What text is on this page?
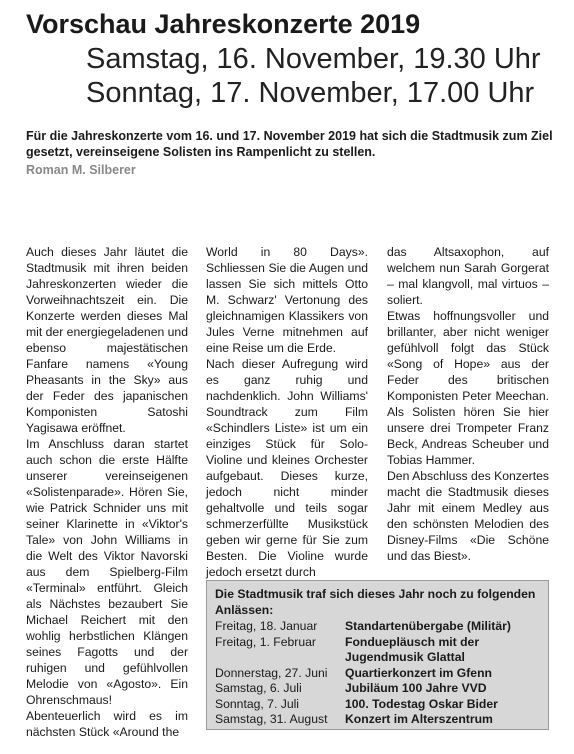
Vorschau Jahreskonzerte 2019
Samstag, 16. November, 19.30 Uhr
Sonntag, 17. November, 17.00 Uhr
Für die Jahreskonzerte vom 16. und 17. November 2019 hat sich die Stadtmusik zum Ziel gesetzt, vereinseigene Solisten ins Rampenlicht zu stellen.
Roman M. Silberer

Auch dieses Jahr läutet die Stadtmusik mit ihren beiden Jahreskonzerten wieder die Vorweihnachtszeit ein. Die Konzerte werden dieses Mal mit der energiegeladenen und ebenso majestätischen Fanfare namens «Young Pheasants in the Sky» aus der Feder des japanischen Komponisten Satoshi Yagisawa eröffnet.

Im Anschluss daran startet auch schon die erste Hälfte unserer vereinseigenen «Solistenparade». Hören Sie, wie Patrick Schnider uns mit seiner Klarinette in «Viktor's Tale» von John Williams in die Welt des Viktor Navorski aus dem Spielberg-Film «Terminal» entführt. Gleich als Nächstes bezaubert Sie Michael Reichert mit den wohlig herbstlichen Klängen seines Fagotts und der ruhigen und gefühlvollen Melodie von «Agosto». Ein Ohrenschmaus!

Abenteuerlich wird es im nächsten Stück «Around the

World in 80 Days». Schliessen Sie die Augen und lassen Sie sich mittels Otto M. Schwarz' Vertonung des gleichnamigen Klassikers von Jules Verne mitnehmen auf eine Reise um die Erde.

Nach dieser Aufregung wird es ganz ruhig und nachdenklich. John Williams' Soundtrack zum Film «Schindlers Liste» ist um ein einziges Stück für Solo-Violine und kleines Orchester aufgebaut. Dieses kurze, jedoch nicht minder gehaltvolle und teils sogar schmerzerfüllte Musikstück geben wir gerne für Sie zum Besten. Die Violine wurde jedoch ersetzt durch

das Altsaxophon, auf welchem nun Sarah Gorgerat – mal klangvoll, mal virtuos – soliert.

Etwas hoffnungsvoller und brillanter, aber nicht weniger gefühlvoll folgt das Stück «Song of Hope» aus der Feder des britischen Komponisten Peter Meechan. Als Solisten hören Sie hier unsere drei Trompeter Franz Beck, Andreas Scheuber und Tobias Hammer.

Den Abschluss des Konzertes macht die Stadtmusik dieses Jahr mit einem Medley aus den schönsten Melodien des Disney-Films «Die Schöne und das Biest».

Die Stadtmusik traf sich dieses Jahr noch zu folgenden Anlässen:
Freitag, 18. Januar	Standartenübergabe (Militär)
Freitag, 1. Februar	Fonduepläusch mit der Jugendmusik Glattal
Donnerstag, 27. Juni	Quartierkonzert im Gfenn
Samstag, 6. Juli	Jubiläum 100 Jahre VVD
Sonntag, 7. Juli	100. Todestag Oskar Bider
Samstag, 31. August	Konzert im Alterszentrum
